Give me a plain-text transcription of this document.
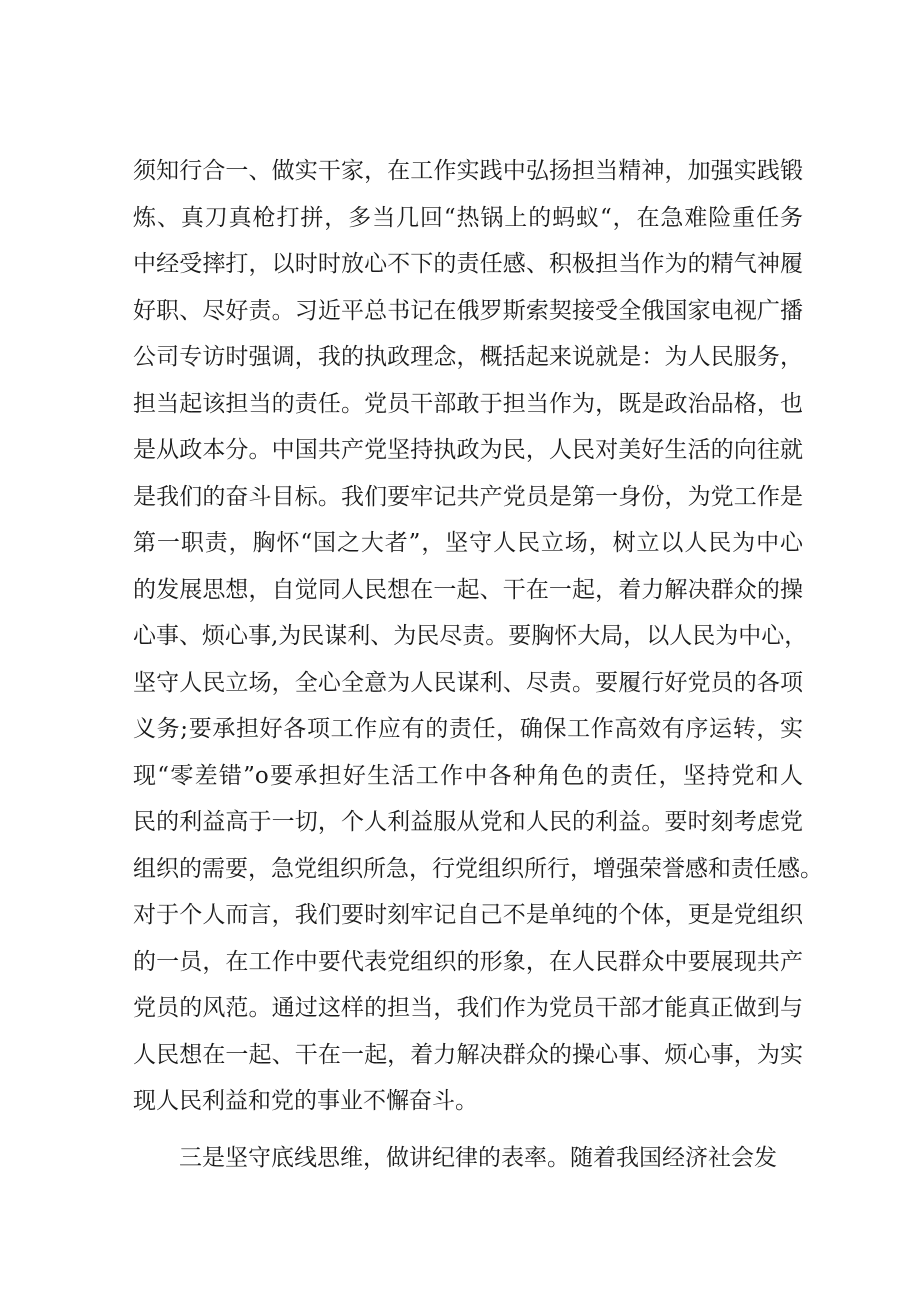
须知行合一、做实干家，在工作实践中弘扬担当精神，加强实践锻
炼、真刀真枪打拼，多当几回“热锅上的蚂蚁“，在急难险重任务
中经受摔打，以时时放心不下的责任感、积极担当作为的精气神履
好职、尽好责。习近平总书记在俄罗斯索契接受全俄国家电视广播
公司专访时强调，我的执政理念，概括起来说就是：为人民服务，
担当起该担当的责任。党员干部敢于担当作为，既是政治品格，也
是从政本分。中国共产党坚持执政为民，人民对美好生活的向往就
是我们的奋斗目标。我们要牢记共产党员是第一身份，为党工作是
第一职责，胸怀“国之大者”，坚守人民立场，树立以人民为中心
的发展思想，自觉同人民想在一起、干在一起，着力解决群众的操
心事、烦心事,为民谋利、为民尽责。要胸怀大局，以人民为中心，
坚守人民立场，全心全意为人民谋利、尽责。要履行好党员的各项
义务;要承担好各项工作应有的责任，确保工作高效有序运转，实
现“零差错”o要承担好生活工作中各种角色的责任，坚持党和人
民的利益高于一切，个人利益服从党和人民的利益。要时刻考虑党
组织的需要，急党组织所急，行党组织所行，增强荣誉感和责任感。
对于个人而言，我们要时刻牢记自己不是单纯的个体，更是党组织
的一员，在工作中要代表党组织的形象，在人民群众中要展现共产
党员的风范。通过这样的担当，我们作为党员干部才能真正做到与
人民想在一起、干在一起，着力解决群众的操心事、烦心事，为实
现人民利益和党的事业不懈奋斗。
三是坚守底线思维，做讲纪律的表率。随着我国经济社会发
